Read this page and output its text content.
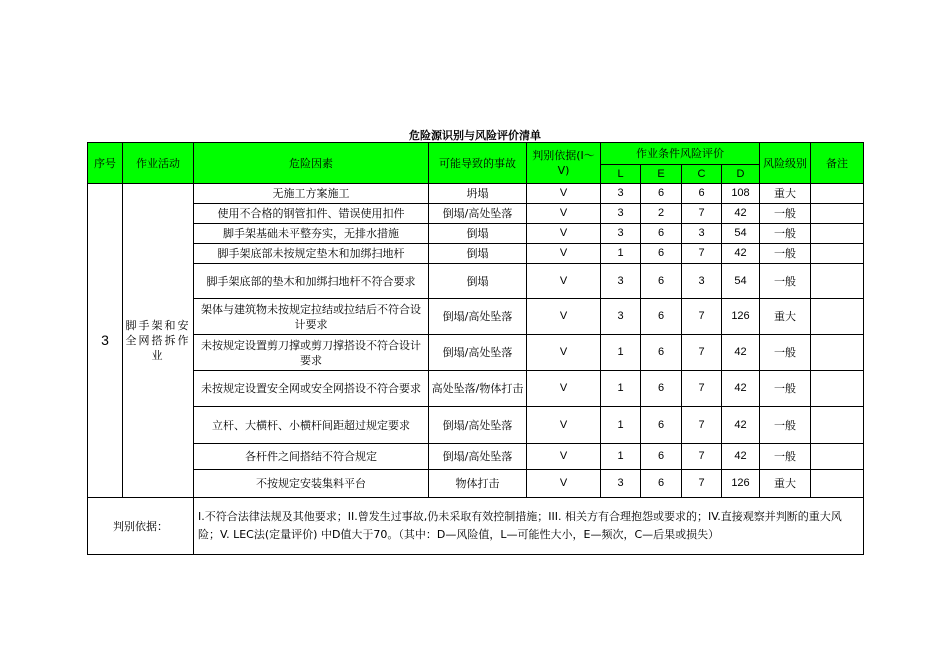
危险源识别与风险评价清单
序号	作业活动	危险因素	可能导致的事故	判别依据(I～V)	作业条件风险评价				风险级别	备注
					L	E	C	D		
3	脚手架和安全网搭拆作业	无施工方案施工	坍塌	V	3	6	6	108	重大	
		使用不合格的钢管扣件、错误使用扣件	倒塌/高处坠落	V	3	2	7	42	一般	
		脚手架基础未平整夯实，无排水措施	倒塌	V	3	6	3	54	一般	
		脚手架底部未按规定垫木和加绑扫地杆	倒塌	V	1	6	7	42	一般	
		脚手架底部的垫木和加绑扫地杆不符合要求	倒塌	V	3	6	3	54	一般	
		架体与建筑物未按规定拉结或拉结后不符合设计要求	倒塌/高处坠落	V	3	6	7	126	重大	
		未按规定设置剪刀撑或剪刀撑搭设不符合设计要求	倒塌/高处坠落	V	1	6	7	42	一般	
		未按规定设置安全网或安全网搭设不符合要求	高处坠落/物体打击	V	1	6	7	42	一般	
		立杆、大横杆、小横杆间距超过规定要求	倒塌/高处坠落	V	1	6	7	42	一般	
		各杆件之间搭结不符合规定	倒塌/高处坠落	V	1	6	7	42	一般	
		不按规定安装集料平台	物体打击	V	3	6	7	126	重大	
判别依据：		I.不符合法律法规及其他要求；II.曾发生过事故,仍未采取有效控制措施；III. 相关方有合理抱怨或要求的；IV.直接观察并判断的重大风险；V. LEC法(定量评价) 中D值大于70。（其中：D—风险值，L—可能性大小，E—频次，C—后果或损失）								
